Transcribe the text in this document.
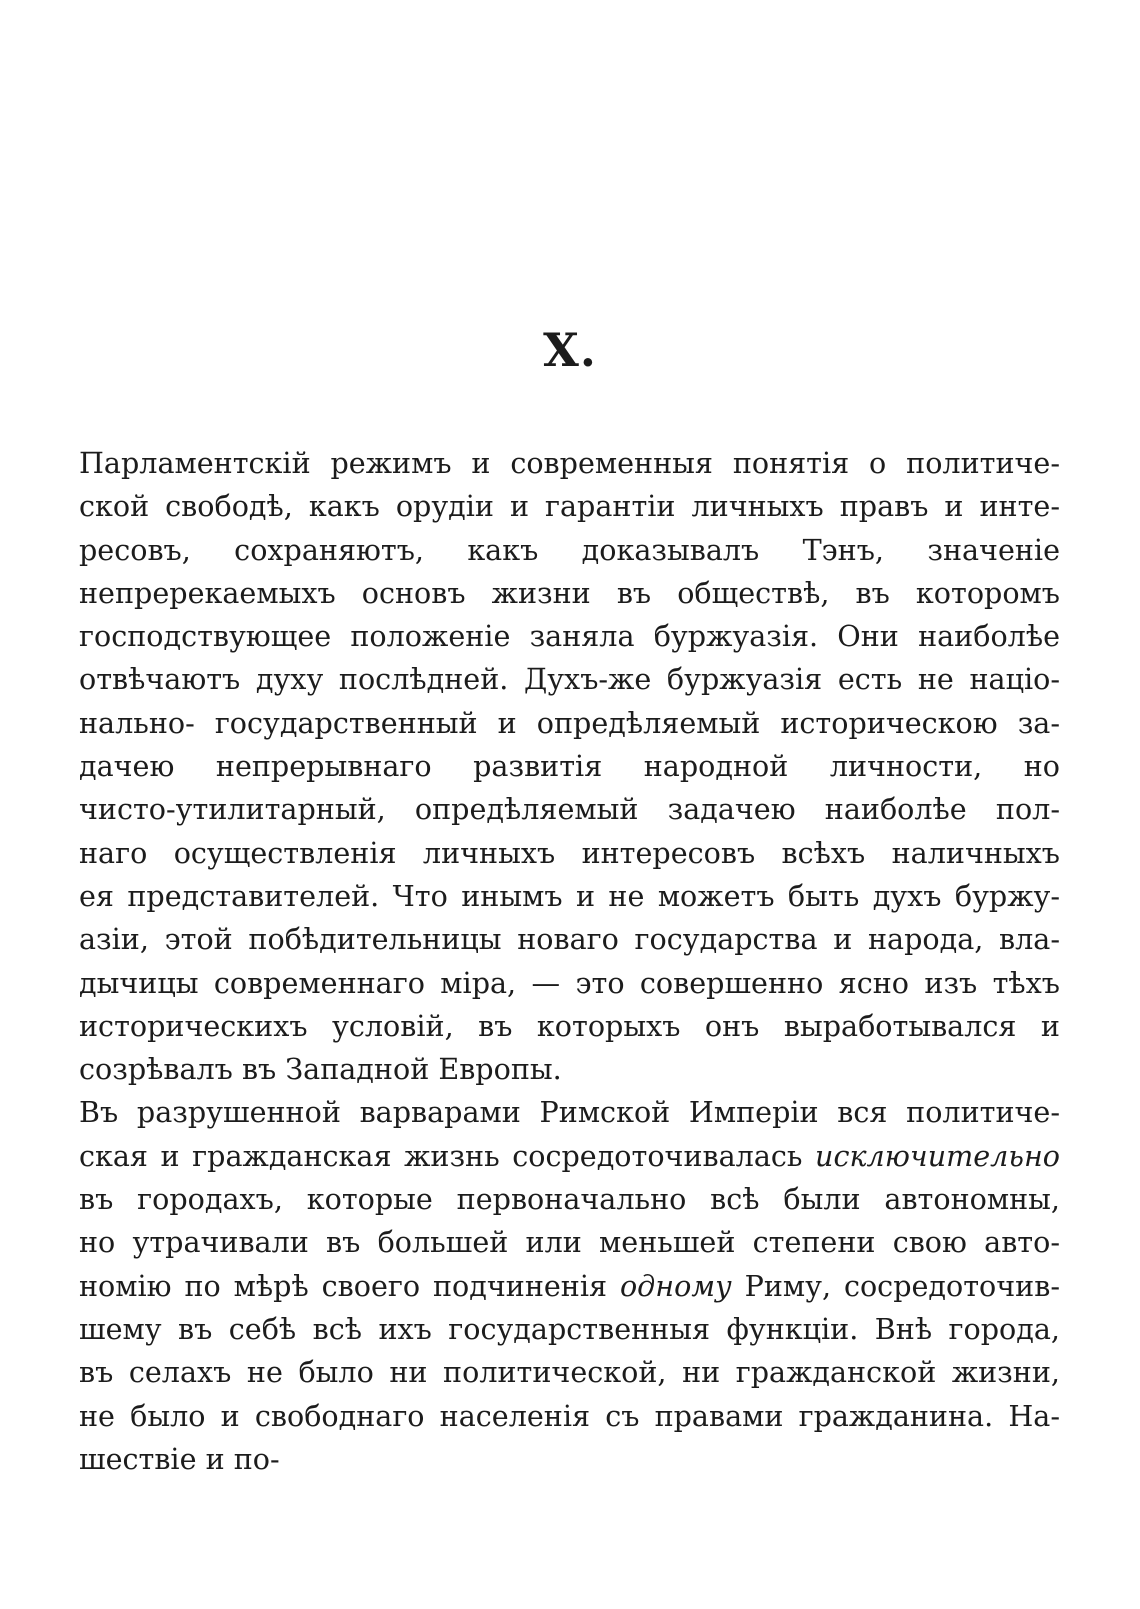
X.
Парламентскій режимъ и современныя понятія о политиче-
ской свободѣ, какъ орудіи и гарантіи личныхъ правъ и инте-
ресовъ, сохраняютъ, какъ доказывалъ Тэнъ, значеніе
непререкаемыхъ основъ жизни въ обществѣ, въ которомъ
господствующее положеніе заняла буржуазія. Они наиболѣе
отвѣчаютъ духу послѣдней. Духъ-же буржуазія есть не націо-
нально- государственный и опредѣляемый историческою за-
дачею непрерывнаго развитія народной личности, но
чисто-утилитарный, опредѣляемый задачею наиболѣе пол-
наго осуществленія личныхъ интересовъ всѣхъ наличныхъ
ея представителей. Что инымъ и не можетъ быть духъ буржу-
азіи, этой побѣдительницы новаго государства и народа, вла-
дычицы современнаго міра, — это совершенно ясно изъ тѣхъ
историческихъ условій, въ которыхъ онъ выработывался и
созрѣвалъ въ Западной Европы.
Въ разрушенной варварами Римской Имперіи вся политиче-
ская и гражданская жизнь сосредоточивалась исключительно
въ городахъ, которые первоначально всѣ были автономны,
но утрачивали въ большей или меньшей степени свою авто-
номію по мѣрѣ своего подчиненія одному Риму, сосредоточив-
шему въ себѣ всѣ ихъ государственныя функціи. Внѣ города,
въ селахъ не было ни политической, ни гражданской жизни,
не было и свободнаго населенія съ правами гражданина. На-
шествіе и по-
